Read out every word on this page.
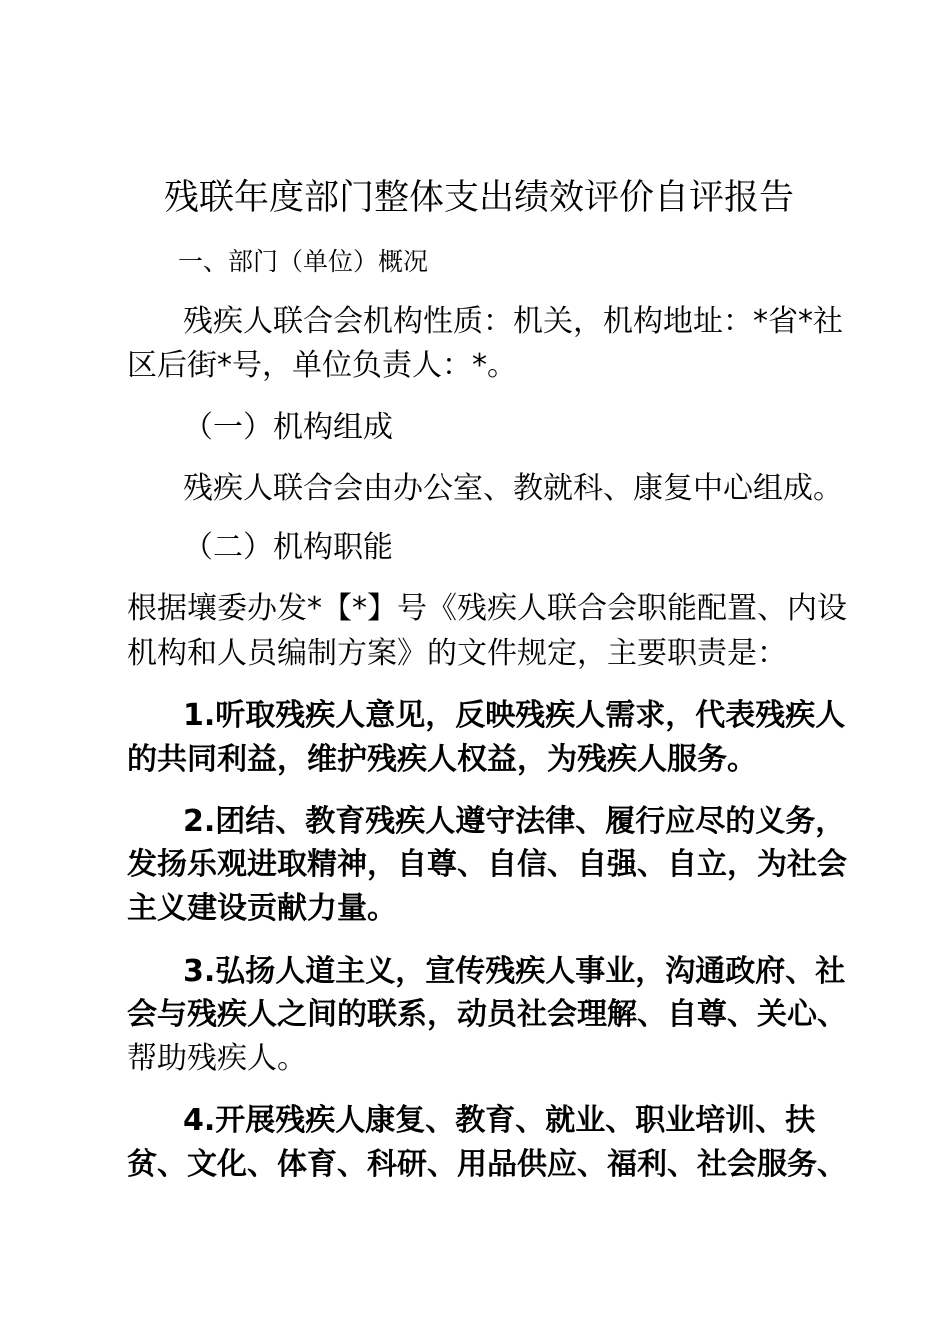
残联年度部门整体支出绩效评价自评报告
一、部门（单位）概况
残疾人联合会机构性质：机关，机构地址：*省*社
区后街*号，单位负责人：*。
（一）机构组成
残疾人联合会由办公室、教就科、康复中心组成。
（二）机构职能
根据壤委办发*【*】号《残疾人联合会职能配置、内设
机构和人员编制方案》的文件规定，主要职责是：
1.听取残疾人意见，反映残疾人需求，代表残疾人
的共同利益，维护残疾人权益，为残疾人服务。
2.团结、教育残疾人遵守法律、履行应尽的义务，
发扬乐观进取精神，自尊、自信、自强、自立，为社会
主义建设贡献力量。
3.弘扬人道主义，宣传残疾人事业，沟通政府、社
会与残疾人之间的联系，动员社会理解、自尊、关心、
帮助残疾人。
4.开展残疾人康复、教育、就业、职业培训、扶
贫、文化、体育、科研、用品供应、福利、社会服务、
